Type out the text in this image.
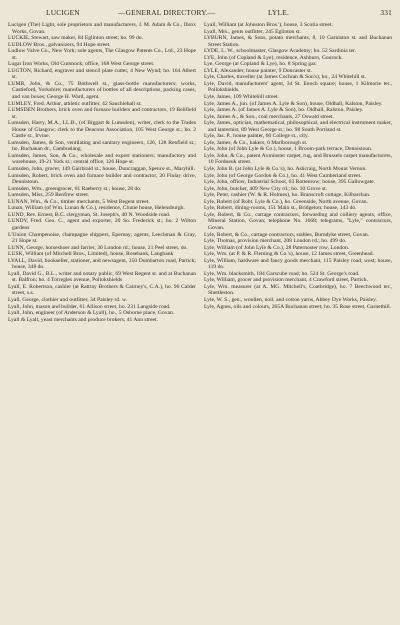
LUCIGEN	—GENERAL DIRECTORY.—	LYLE.	331

Lucigen (The) Light, sole proprietors and manufacturers, J. M. Adam & Co., Ibrox Works, Govan.

LUCKIE, Stewart, saw maker, 84 Eglinton street; ho. 99 do.

LUDLOW Bros., galvanizers, 94 Hope street.

Ludlow Valve Co., New York; sole agents, The Glasgow Patents Co., Ltd., 23 Hope st.

Lugar Iron Works, Old Cumnock; office, 168 West George street.

LUGTON, Richard, engraver and stencil plate cutter, 4 New Wynd; ho. 164 Albert st.

LUMB, John, & Co., 75 Bothwell st., glass-bottle manufacturers; works, Castleford, Yorkshire; manufacturers of bottles of all descriptions, packing cases, and van boxes; George H. Ward, agent.

LUMLEY, Fred. Arthur, athletic outfitter, 42 Sauchiehall st.

LUMSDEN Brothers, brick oven and furnace builders and contractors, 19 Bellfield st.

Lumsden, Harry, M.A., LL.B., (of Biggart & Lumsden), writer, clerk to the Trades House of Glasgow; clerk to the Deacons Association, 105 West George st.; ho. 2 Castle st., Irvine.

Lumsden, James, & Son, ventilating and sanitary engineers, 126, 128 Renfield st.; ho. Buchanan dr., Cambuslang.

Lumsden, James, Son, & Co., wholesale and export stationers; manufactory and warehouse, 19-21 York st.; central office, 126 Hope st.

Lumsden, John, grocer, 149 Gairbraid st.; house, Duncraggan, Spence st., Maryhill.

Lumsden, Robert, brick oven and furnace builder and contractor, 20 Finlay drive, Dennistoun.

Lumsden, Wm., greengrocer, 61 Raeberry st.; house, 28 do.

Lumsden, Miss, 259 Renfrew street.

LUNAN, Wm., & Co., timber merchants, 5 West Regent street.

Lunan, William (of Wm. Lunan & Co.), residence, Clunie house, Helensburgh.

LUND, Rev. Ernest, B.C. clergyman, St. Joseph's, 40 N. Woodside road.

LUNDY, Fred. Geo. C., agent and exporter, 20 So. Frederick st.; ho. 2 Wilton gardens

L'Union Champenoise, champagne shippers, Epernay; agents, Leechman & Gray, 21 Hope st.

LUNN, George, horseshoer and farrier, 30 London rd.; house, 21 Peel street, do.

LUSK, William (of Mitchell Bros., Limited), house, Rosebank, Langbank

LYALL, David, bookseller, stationer, and newsagent, 350 Dumbarton road, Partick; house, 348 do.

Lyall, David G., B.L., writer and notary public, 69 West Regent st. and at Buchanan st. Balfron; ho. 4 Torregles avenue, Pollokshields

Lyall, E. Robertson, cashier (at Rattray Brothers & Cairney's, C.A.), ho. 96 Calder street, s.s.

Lyall, George, clothier and outfitter, 34 Paisley rd. w.

Lyall, John, mason and builder, 61 Allison street, ho. 231 Langside road.

Lyall, John, engineer (of Anderson & Lyall), ho., 5 Osborne place, Govan.

Lyall & Lyall, yeast merchants and produce brokers, 41 Ann street.

Lyall, William (at Johnston Bros.'), house, 3 Scotia street.

Lyall, Mrs., gents outfitter, 245 Eglinton st.

LYBURN, James, & Sons, potato merchants, 8, 10 Garniston st. and Buchanan Street Station.

LYDE, L. W., schoolmaster, Glasgow Academy; ho. 52 Sardinia ter.

LYE, John (of Copland & Lye), residence, Ashburn, Gourock.

Lye, George (at Copland & Lye), ho. 8 Spring gar.

LYLE, Alexander, house painter, 9 Doncaster st.

Lyle, Charles, traveller (at James Cochran & Son's), ho., 24 Whitehill st.

Lyle, David, manufacturers' agent, 34 St. Enoch square; house, 1 Kilmorie ter., Pollokshields.

Lyle, James, 109 Whitehill street.

Lyle, James A., jun. (of James A. Lyle & Son), house, Oldhall, Kalston, Paisley.

Lyle, James A. (of James A. Lyle & Son), ho. Oldhall, Ralston, Paisley.

Lyle, James A., & Son., coal merchants, 27 Oswald street.

Lyle, James, optician, mathematical, philosophical, and electrical instrument maker, and lanternist, 89 West George st.; ho. 98 South Portland st.

Lyle, Jas. P., house painter, 60 College st., city.

Lyle, James, & Co., bakers, 6 Marlborough st.

Lyle, John (of John Lyle & Co.), house, 1 Broom-park terrace, Dennistoun.

Lyle, John, & Co., patent Axminster carpet, rug, and Brussels carpet manufacturers, 10 Fordneuk street.

Lyle, John B. (at John Lyle & Co.'s), ho. Ashcraig, North Mount Vernon.

Lyle, John (of George Gordon & Co.), ho. 41 West Cumberland street.

Lyle, John, officer, Industrial School, 63 Rottenrow; house, 395 Gallowgate.

Lyle, John, butcher, 409 New City rd.; ho. 10 Grove st.

Lyle, Peter, cashier (W. & R. Holmes), ho. Branscroft cottage, Kilbarchan.

Lyle, Robert (of Robt. Lyle & Co.), ho. Greenside, North avenue, Govan.

Lyle, Robert, dining-rooms, 151 Main st., Bridgeton; house, 143 do.

Lyle, Robert, & Co., cartage contractors, forwarding and colliery agents, office, Mineral Station, Govan; telephone No. 1668; telegrams, "Lyle," contractors, Govan.

Lyle, Robert, & Co., cartage contractors, stables, Burndyke street, Govan.

Lyle, Thomas, provision merchant, 208 London rd.; ho. 499 do.

Lyle, William (of John Lyle & Co.), 28 Paternoster row, London.

Lyle, Wm. (at P. & R. Fleming & Co.'s), house, 12 James street, Greenhead.

Lyle, William, hardware and fancy goods merchant, 115 Paisley road, west; house, 119 do.

Lyle, Wm. blacksmith, 184 Garscube road; ho. 524 St. George's road.

Lyle, William, grocer and provision merchant, 4 Crawford street, Partick.

Lyle, Wm. measurer (at A. MG. Mitchell's, Coatbridge), ho. 7 Beechwood ter., Shettleston.

Lyle, W. S., gen., woollen, noil, and cotton yarns, Abbey Dye Works, Paisley.

Lyle, Agnes, oils and colours, 265A Buchanan street; ho. 35 Rose street, Garnethill.
